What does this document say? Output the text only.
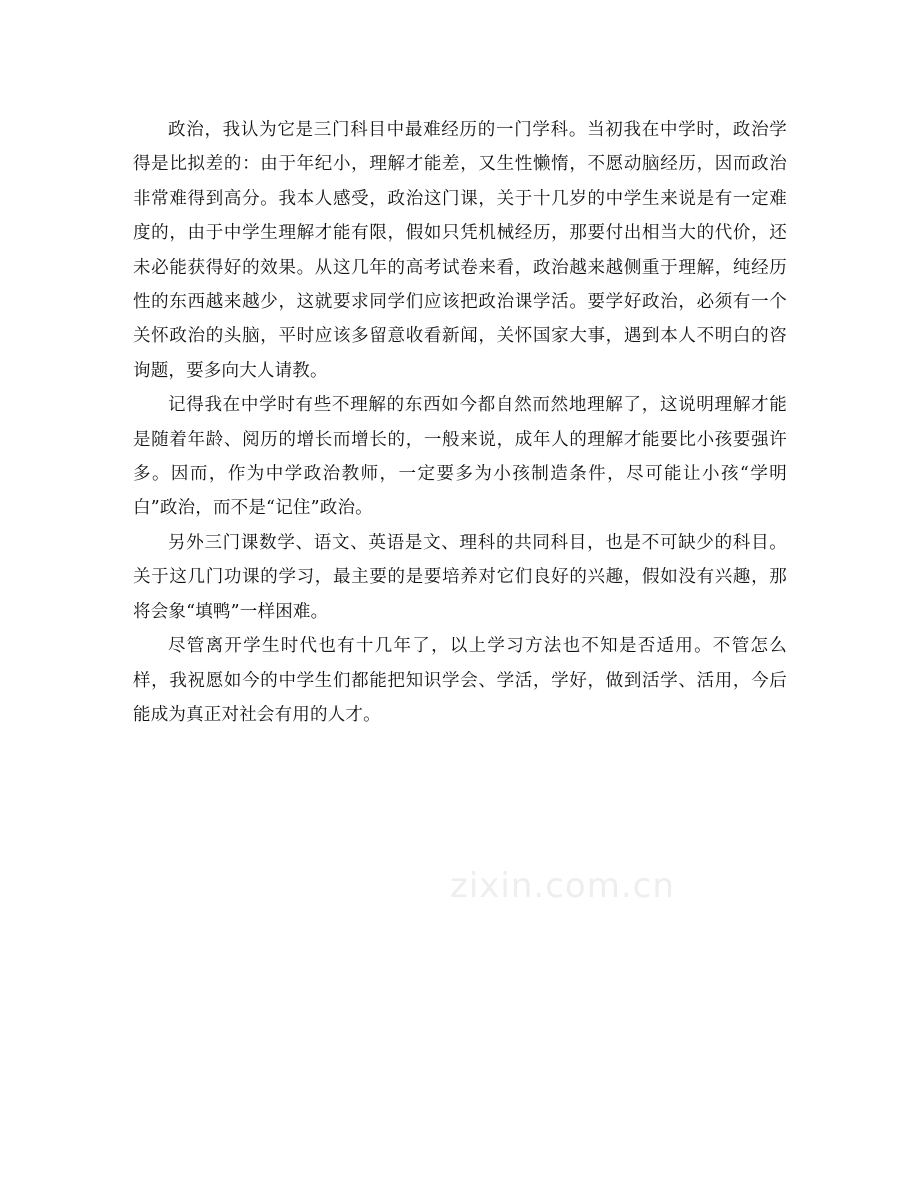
政治，我认为它是三门科目中最难经历的一门学科。当初我在中学时，政治学得是比拟差的：由于年纪小，理解才能差，又生性懒惰，不愿动脑经历，因而政治非常难得到高分。我本人感受，政治这门课，关于十几岁的中学生来说是有一定难度的，由于中学生理解才能有限，假如只凭机械经历，那要付出相当大的代价，还未必能获得好的效果。从这几年的高考试卷来看，政治越来越侧重于理解，纯经历性的东西越来越少，这就要求同学们应该把政治课学活。要学好政治，必须有一个关怀政治的头脑，平时应该多留意收看新闻，关怀国家大事，遇到本人不明白的咨询题，要多向大人请教。

记得我在中学时有些不理解的东西如今都自然而然地理解了，这说明理解才能是随着年龄、阅历的增长而增长的，一般来说，成年人的理解才能要比小孩要强许多。因而，作为中学政治教师，一定要多为小孩制造条件，尽可能让小孩“学明白”政治，而不是“记住”政治。

另外三门课数学、语文、英语是文、理科的共同科目，也是不可缺少的科目。关于这几门功课的学习，最主要的是要培养对它们良好的兴趣，假如没有兴趣，那将会象“填鸭”一样困难。

尽管离开学生时代也有十几年了，以上学习方法也不知是否适用。不管怎么样，我祝愿如今的中学生们都能把知识学会、学活，学好，做到活学、活用，今后能成为真正对社会有用的人才。

zixin.com.cn
